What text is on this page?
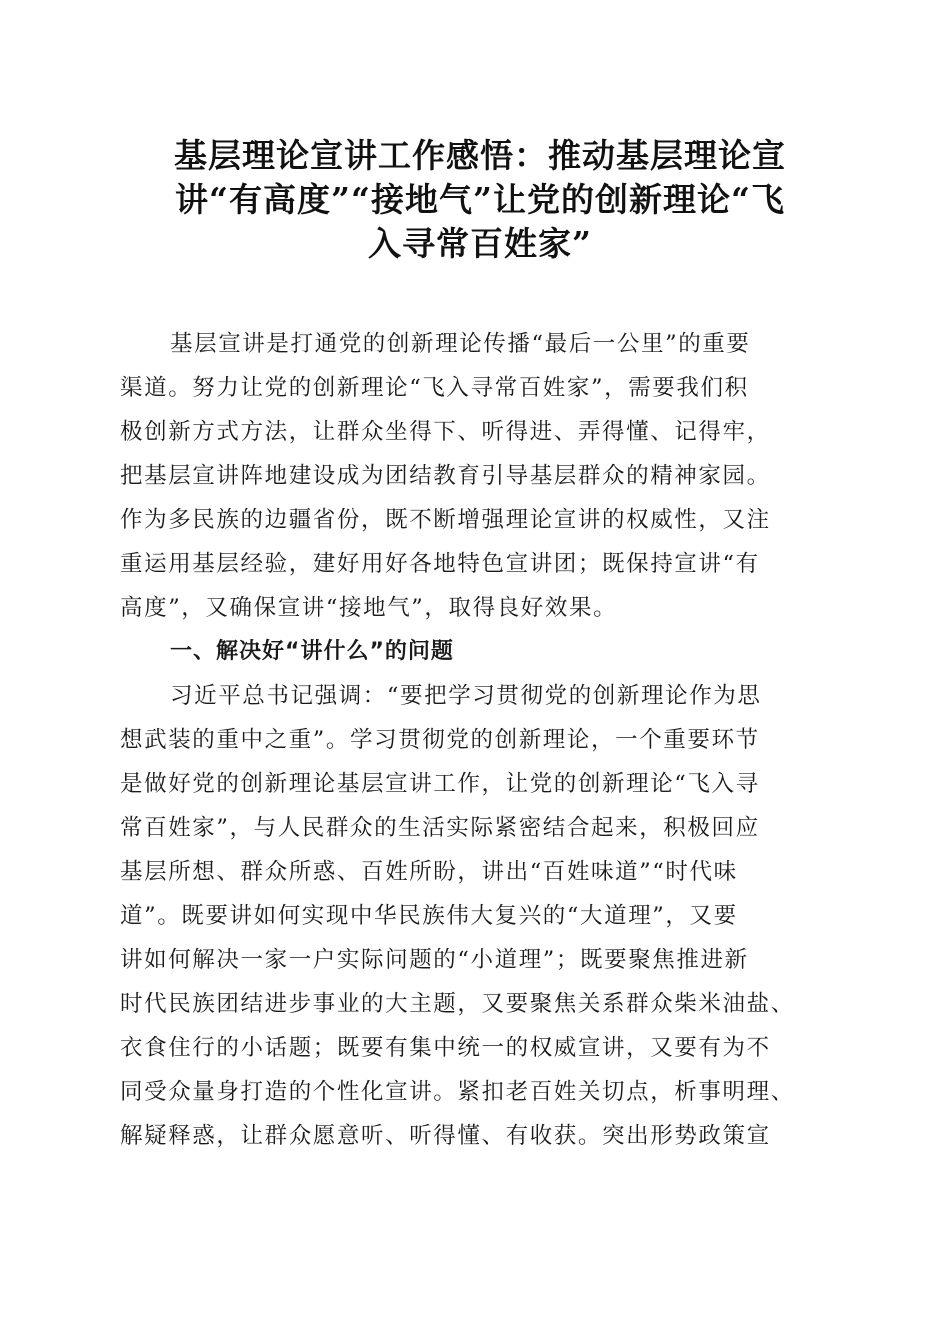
基层理论宣讲工作感悟：推动基层理论宣
讲“有高度”“接地气”让党的创新理论“飞
入寻常百姓家”
基层宣讲是打通党的创新理论传播“最后一公里”的重要
渠道。努力让党的创新理论“飞入寻常百姓家”，需要我们积
极创新方式方法，让群众坐得下、听得进、弄得懂、记得牢，
把基层宣讲阵地建设成为团结教育引导基层群众的精神家园。
作为多民族的边疆省份，既不断增强理论宣讲的权威性，又注
重运用基层经验，建好用好各地特色宣讲团；既保持宣讲“有
高度”，又确保宣讲“接地气”，取得良好效果。
一、解决好“讲什么”的问题
习近平总书记强调：“要把学习贯彻党的创新理论作为思
想武装的重中之重”。学习贯彻党的创新理论，一个重要环节
是做好党的创新理论基层宣讲工作，让党的创新理论“飞入寻
常百姓家”，与人民群众的生活实际紧密结合起来，积极回应
基层所想、群众所惑、百姓所盼，讲出“百姓味道”“时代味
道”。既要讲如何实现中华民族伟大复兴的“大道理”，又要
讲如何解决一家一户实际问题的“小道理”；既要聚焦推进新
时代民族团结进步事业的大主题，又要聚焦关系群众柴米油盐、
衣食住行的小话题；既要有集中统一的权威宣讲，又要有为不
同受众量身打造的个性化宣讲。紧扣老百姓关切点，析事明理、
解疑释惑，让群众愿意听、听得懂、有收获。突出形势政策宣
